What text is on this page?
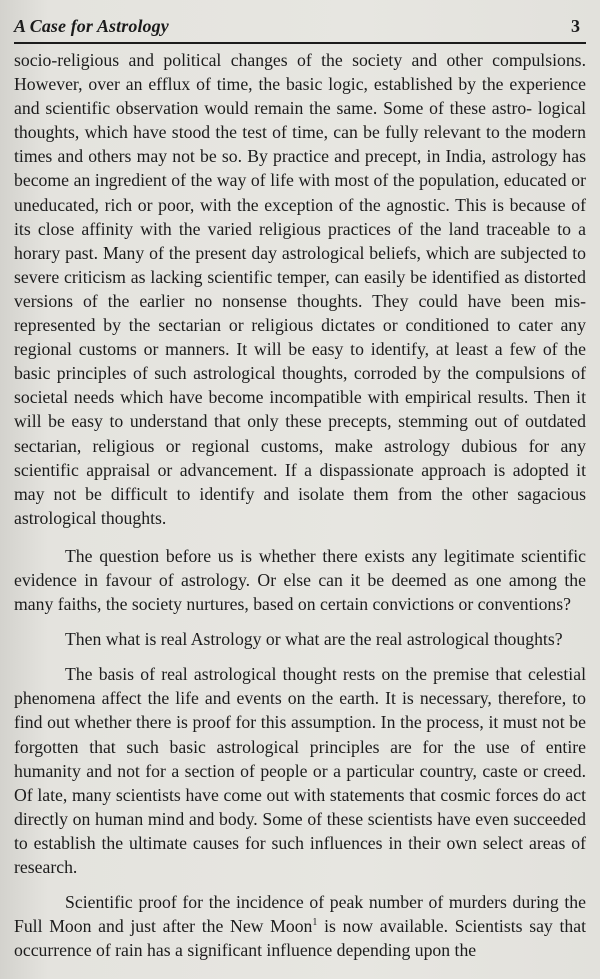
A Case for Astrology	3

socio-religious and political changes of the society and other compulsions. However, over an efflux of time, the basic logic, established by the experience and scientific observation would remain the same. Some of these astro- logical thoughts, which have stood the test of time, can be fully relevant to the modern times and others may not be so. By practice and precept, in India, astrology has become an ingredient of the way of life with most of the population, educated or uneducated, rich or poor, with the exception of the agnostic. This is because of its close affinity with the varied religious practices of the land traceable to a horary past. Many of the present day astrological beliefs, which are subjected to severe criticism as lacking scientific temper, can easily be identified as distorted versions of the earlier no nonsense thoughts. They could have been mis-represented by the sectarian or religious dictates or conditioned to cater any regional customs or manners. It will be easy to identify, at least a few of the basic principles of such astrological thoughts, corroded by the compulsions of societal needs which have become incompatible with empirical results. Then it will be easy to understand that only these precepts, stemming out of outdated sectarian, religious or regional customs, make astrology dubious for any scientific appraisal or advancement. If a dispassionate approach is adopted it may not be difficult to identify and isolate them from the other sagacious astrological thoughts.

The question before us is whether there exists any legitimate scientific evidence in favour of astrology. Or else can it be deemed as one among the many faiths, the society nurtures, based on certain convictions or conventions?

Then what is real Astrology or what are the real astrological thoughts?

The basis of real astrological thought rests on the premise that celestial phenomena affect the life and events on the earth. It is necessary, therefore, to find out whether there is proof for this assumption. In the process, it must not be forgotten that such basic astrological principles are for the use of entire humanity and not for a section of people or a particular country, caste or creed. Of late, many scientists have come out with statements that cosmic forces do act directly on human mind and body. Some of these scientists have even succeeded to establish the ultimate causes for such influences in their own select areas of research.

Scientific proof for the incidence of peak number of murders during the Full Moon and just after the New Moon$^1$ is now available. Scientists say that occurrence of rain has a significant influence depending upon the
